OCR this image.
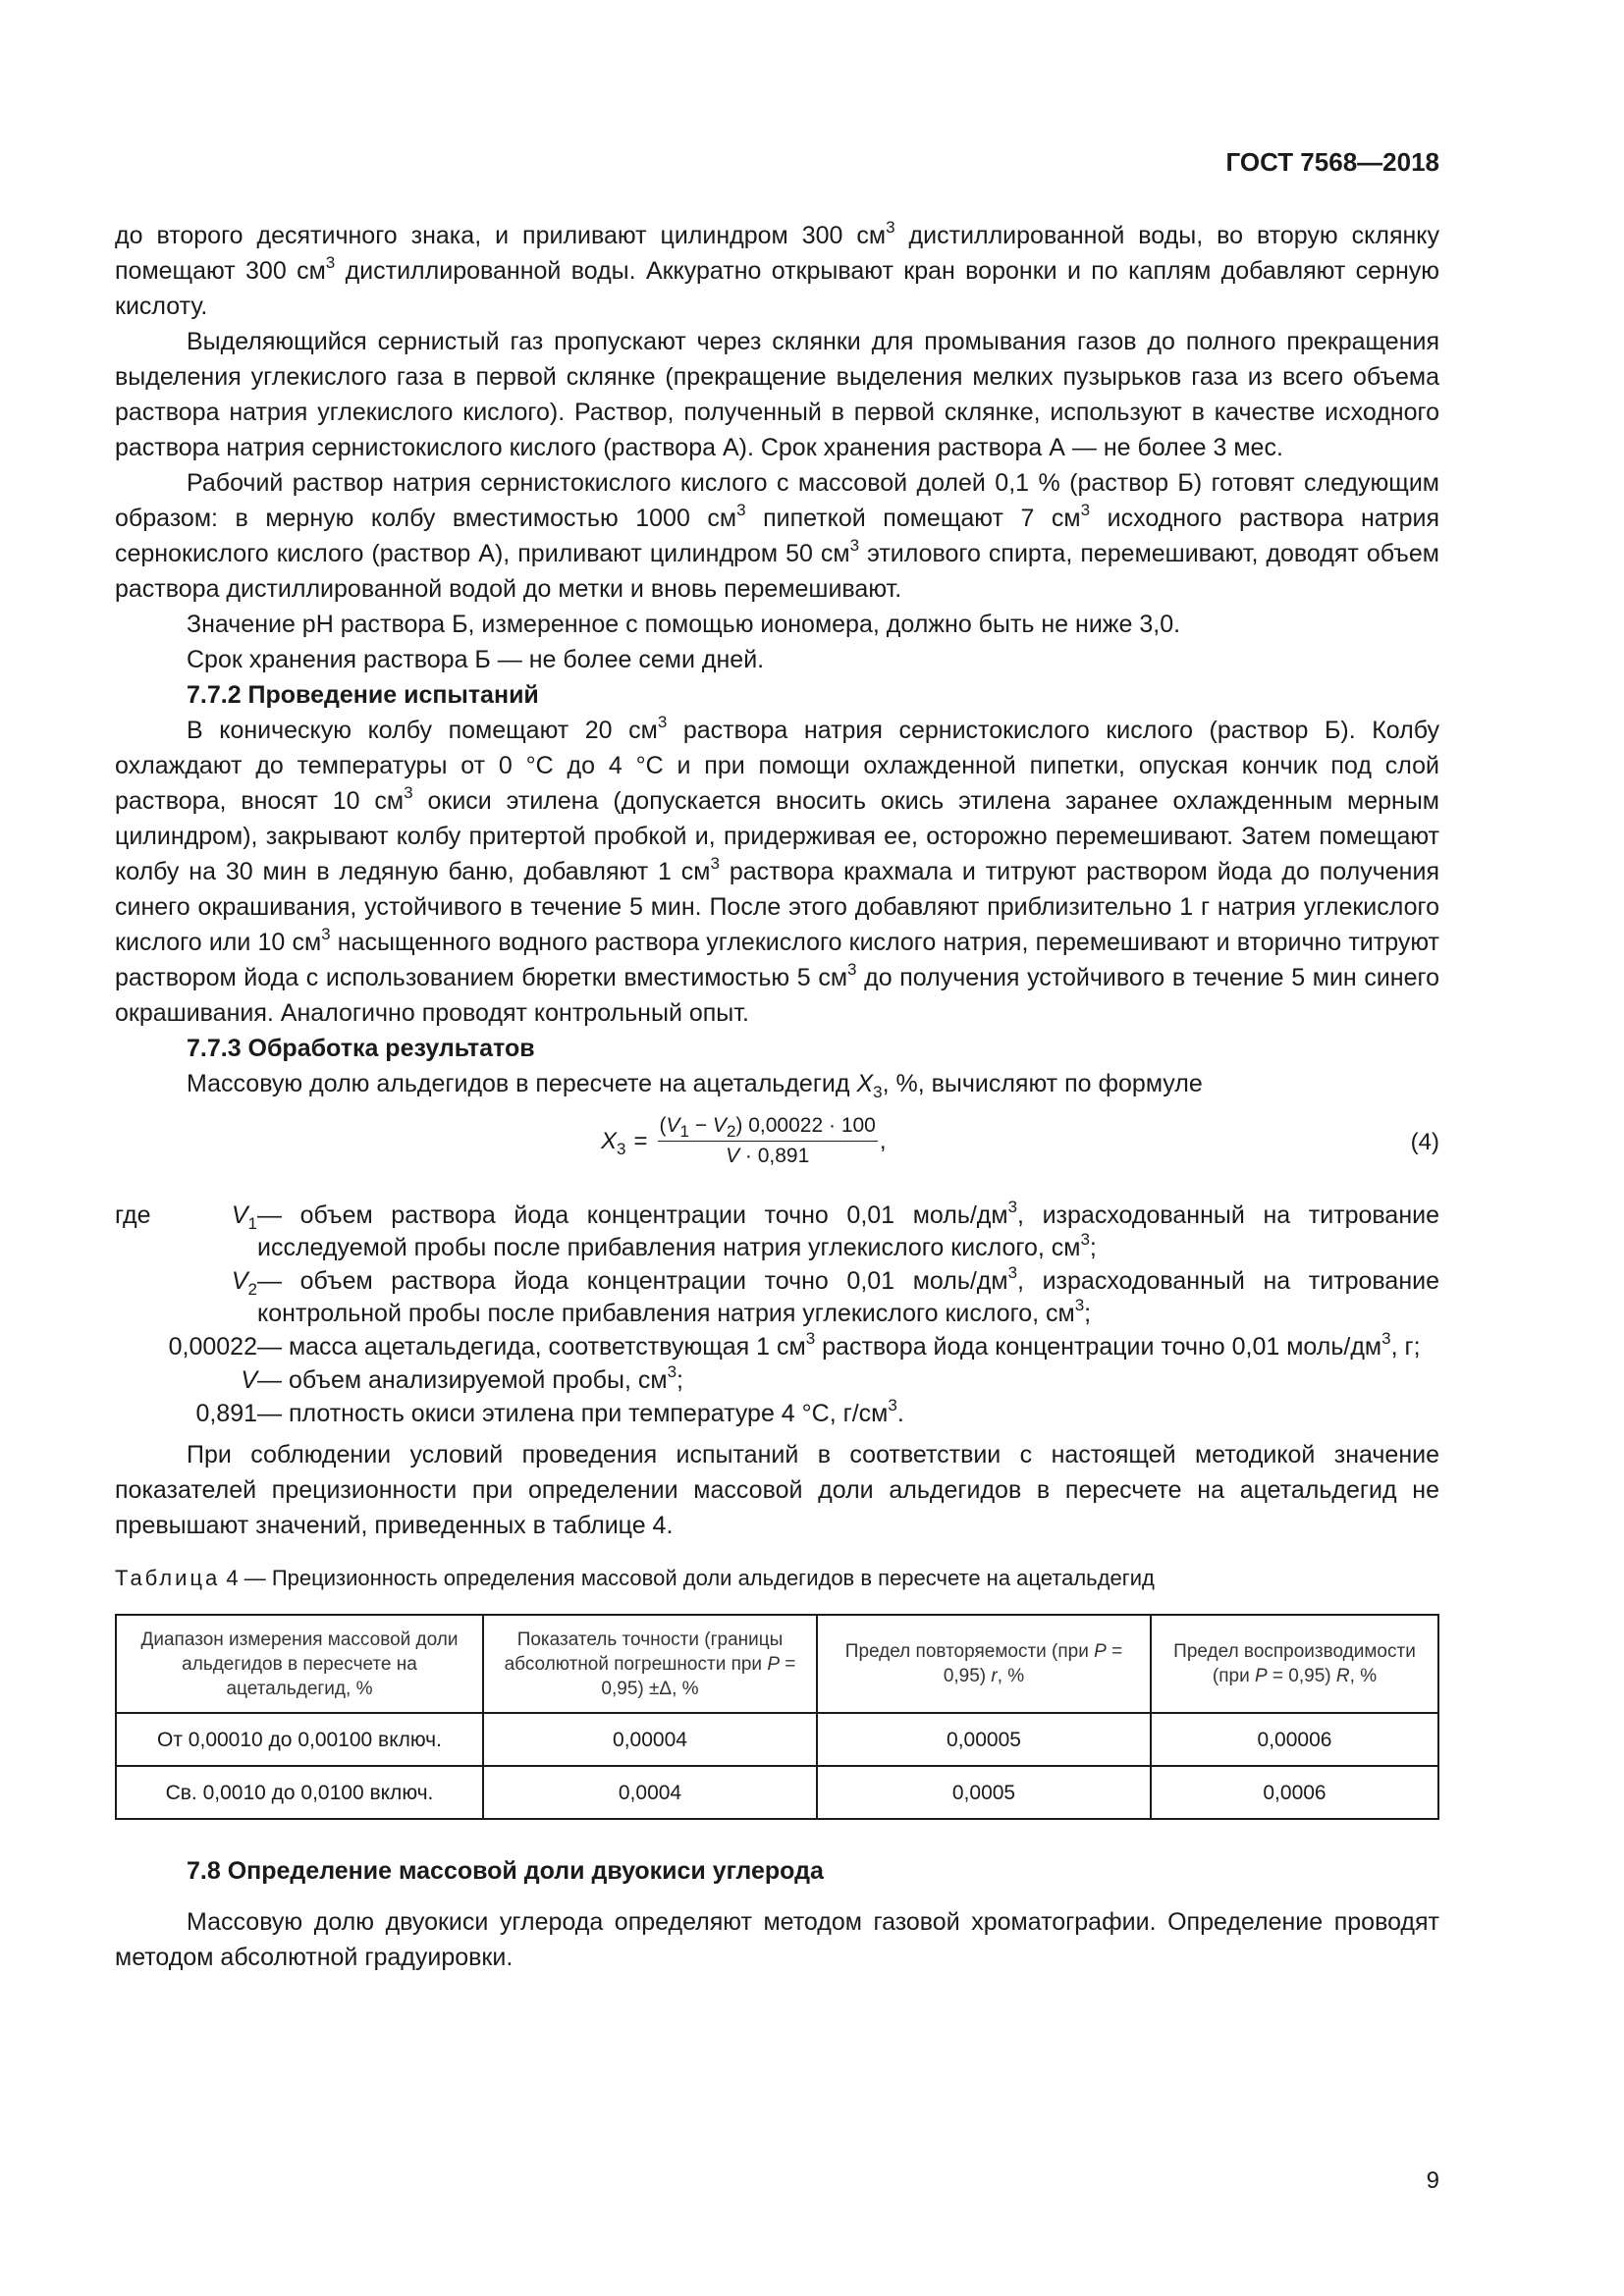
ГОСТ 7568—2018

до второго десятичного знака, и приливают цилиндром 300 $см^3$ дистиллированной воды, во вторую склянку помещают 300 $см^3$ дистиллированной воды. Аккуратно открывают кран воронки и по каплям добавляют серную кислоту.

Выделяющийся сернистый газ пропускают через склянки для промывания газов до полного прекращения выделения углекислого газа в первой склянке (прекращение выделения мелких пузырьков газа из всего объема раствора натрия углекислого кислого). Раствор, полученный в первой склянке, используют в качестве исходного раствора натрия сернистокислого кислого (раствора А). Срок хранения раствора А — не более 3 мес.

Рабочий раствор натрия сернистокислого кислого с массовой долей 0,1 % (раствор Б) готовят следующим образом: в мерную колбу вместимостью 1000 $см^3$ пипеткой помещают 7 $см^3$ исходного раствора натрия сернокислого кислого (раствор А), приливают цилиндром 50 $см^3$ этилового спирта, перемешивают, доводят объем раствора дистиллированной водой до метки и вновь перемешивают.

Значение pH раствора Б, измеренное с помощью иономера, должно быть не ниже 3,0.

Срок хранения раствора Б — не более семи дней.

7.7.2 Проведение испытаний

В коническую колбу помещают 20 $см^3$ раствора натрия сернистокислого кислого (раствор Б). Колбу охлаждают до температуры от 0 °С до 4 °С и при помощи охлажденной пипетки, опуская кончик под слой раствора, вносят 10 $см^3$ окиси этилена (допускается вносить окись этилена заранее охлажденным мерным цилиндром), закрывают колбу притертой пробкой и, придерживая ее, осторожно перемешивают. Затем помещают колбу на 30 мин в ледяную баню, добавляют 1 $см^3$ раствора крахмала и титруют раствором йода до получения синего окрашивания, устойчивого в течение 5 мин. После этого добавляют приблизительно 1 г натрия углекислого кислого или 10 $см^3$ насыщенного водного раствора углекислого кислого натрия, перемешивают и вторично титруют раствором йода с использованием бюретки вместимостью 5 $см^3$ до получения устойчивого в течение 5 мин синего окрашивания. Аналогично проводят контрольный опыт.

7.7.3 Обработка результатов

Массовую долю альдегидов в пересчете на ацетальдегид $X_3$, %, вычисляют по формуле

$X_3 = \frac{(V_1 - V_2) 0,00022 \cdot 100}{V \cdot 0,891}$ ,	(4)
где $V_1$	— объем раствора йода концентрации точно 0,01 моль/$дм^3$, израсходованный на титрование исследуемой пробы после прибавления натрия углекислого кислого, $см^3$;
$V_2$	— объем раствора йода концентрации точно 0,01 моль/$дм^3$, израсходованный на титрование контрольной пробы после прибавления натрия углекислого кислого, $см^3$;
0,00022	— масса ацетальдегида, соответствующая 1 $см^3$ раствора йода концентрации точно 0,01 моль/$дм^3$, г;
V	— объем анализируемой пробы, $см^3$;
0,891	— плотность окиси этилена при температуре 4 °С, $г/см^3$.

При соблюдении условий проведения испытаний в соответствии с настоящей методикой значение показателей прецизионности при определении массовой доли альдегидов в пересчете на ацетальдегид не превышают значений, приведенных в таблице 4.

Таблица 4 — Прецизионность определения массовой доли альдегидов в пересчете на ацетальдегид
Диапазон измерения массовой доли альдегидов в пересчете на ацетальдегид, %	Показатель точности (границы абсолютной погрешности при P = 0,95) ±Δ, %	Предел повторяемости (при P = 0,95) r, %	Предел воспроизводимости (при P = 0,95) R, %
От 0,00010 до 0,00100 включ.	0,00004	0,00005	0,00006
Св. 0,0010 до 0,0100 включ.	0,0004	0,0005	0,0006

7.8 Определение массовой доли двуокиси углерода

Массовую долю двуокиси углерода определяют методом газовой хроматографии. Определение проводят методом абсолютной градуировки.

9
